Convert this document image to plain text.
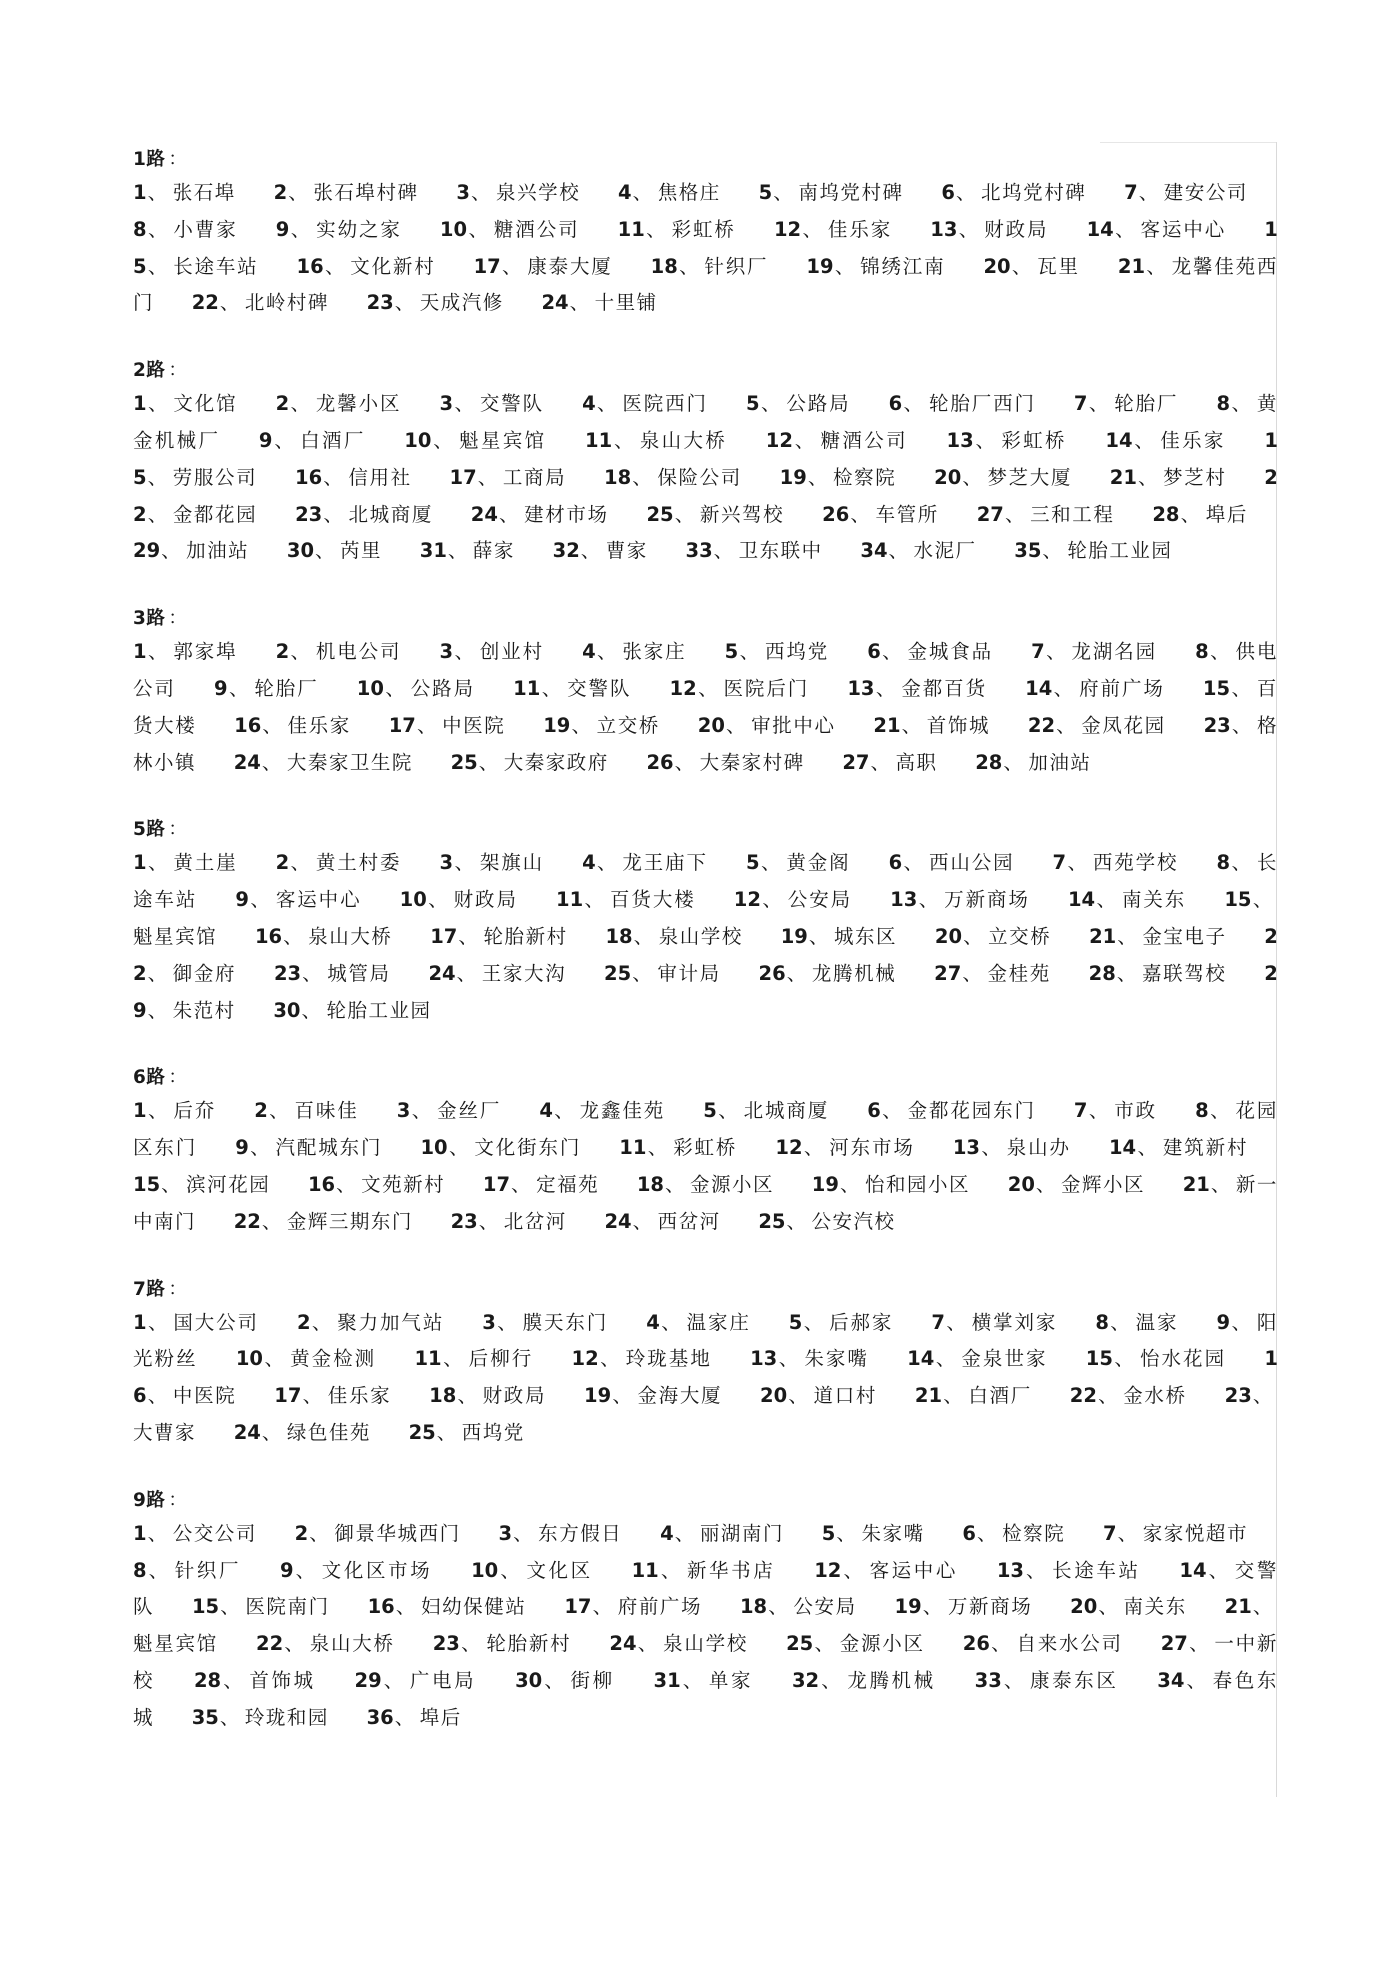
1路 ：
1、 张石埠 2、 张石埠村碑 3、 泉兴学校 4、 焦格庄 5、 南坞党村碑 6、 北坞党村碑 7、 建安公司 8、 小曹家 9、 实幼之家 10、 糖酒公司 11、 彩虹桥 12、 佳乐家 13、 财政局 14、 客运中心 15、 长途车站 16、 文化新村 17、 康泰大厦 18、 针织厂 19、 锦绣江南 20、 瓦里 21、 龙馨佳苑西门 22、 北岭村碑 23、 天成汽修 24、 十里铺
2路 ：
1、 文化馆 2、 龙馨小区 3、 交警队 4、 医院西门 5、 公路局 6、 轮胎厂西门 7、 轮胎厂 8、 黄金机械厂 9、 白酒厂 10、 魁星宾馆 11、 泉山大桥 12、 糖酒公司 13、 彩虹桥 14、 佳乐家 15、 劳服公司 16、 信用社 17、 工商局 18、 保险公司 19、 检察院 20、 梦芝大厦 21、 梦芝村 22、 金都花园 23、 北城商厦 24、 建材市场 25、 新兴驾校 26、 车管所 27、 三和工程 28、 埠后 29、 加油站 30、 芮里 31、 薛家 32、 曹家 33、 卫东联中 34、 水泥厂 35、 轮胎工业园
3路 ：
1、 郭家埠 2、 机电公司 3、 创业村 4、 张家庄 5、 西坞党 6、 金城食品 7、 龙湖名园 8、 供电公司 9、 轮胎厂 10、 公路局 11、 交警队 12、 医院后门 13、 金都百货 14、 府前广场 15、 百货大楼 16、 佳乐家 17、 中医院 19、 立交桥 20、 审批中心 21、 首饰城 22、 金凤花园 23、 格林小镇 24、 大秦家卫生院 25、 大秦家政府 26、 大秦家村碑 27、 高职 28、 加油站
5路 ：
1、 黄土崖 2、 黄土村委 3、 架旗山 4、 龙王庙下 5、 黄金阁 6、 西山公园 7、 西苑学校 8、 长途车站 9、 客运中心 10、 财政局 11、 百货大楼 12、 公安局 13、 万新商场 14、 南关东 15、魁星宾馆 16、 泉山大桥 17、 轮胎新村 18、 泉山学校 19、 城东区 20、 立交桥 21、 金宝电子 22、 御金府 23、 城管局 24、 王家大沟 25、 审计局 26、 龙腾机械 27、 金桂苑 28、 嘉联驾校 29、 朱范村 30、 轮胎工业园
6路 ：
1、 后夼 2、 百味佳 3、 金丝厂 4、 龙鑫佳苑 5、 北城商厦 6、 金都花园东门 7、 市政 8、 花园区东门 9、 汽配城东门 10、 文化街东门 11、 彩虹桥 12、 河东市场 13、 泉山办 14、 建筑新村 15、 滨河花园 16、 文苑新村 17、 定福苑 18、 金源小区 19、 怡和园小区 20、 金辉小区 21、 新一中南门 22、 金辉三期东门 23、 北岔河 24、 西岔河 25、 公安汽校
7路 ：
1、 国大公司 2、 聚力加气站 3、 膜天东门 4、 温家庄 5、 后郝家 7、 横掌刘家 8、 温家 9、 阳光粉丝 10、 黄金检测 11、 后柳行 12、 玲珑基地 13、 朱家嘴 14、 金泉世家 15、 怡水花园 16、 中医院 17、 佳乐家 18、 财政局 19、 金海大厦 20、 道口村 21、 白酒厂 22、 金水桥 23、大曹家 24、 绿色佳苑 25、 西坞党
9路 ：
1、 公交公司 2、 御景华城西门 3、 东方假日 4、 丽湖南门 5、 朱家嘴 6、 检察院 7、 家家悦超市 8、 针织厂 9、 文化区市场 10、 文化区 11、 新华书店 12、 客运中心 13、 长途车站 14、 交警队 15、 医院南门 16、 妇幼保健站 17、 府前广场 18、 公安局 19、 万新商场 20、 南关东 21、魁星宾馆 22、 泉山大桥 23、 轮胎新村 24、 泉山学校 25、 金源小区 26、 自来水公司 27、 一中新校 28、 首饰城 29、 广电局 30、 街柳 31、 单家 32、 龙腾机械 33、 康泰东区 34、 春色东城 35、 玲珑和园 36、 埠后
